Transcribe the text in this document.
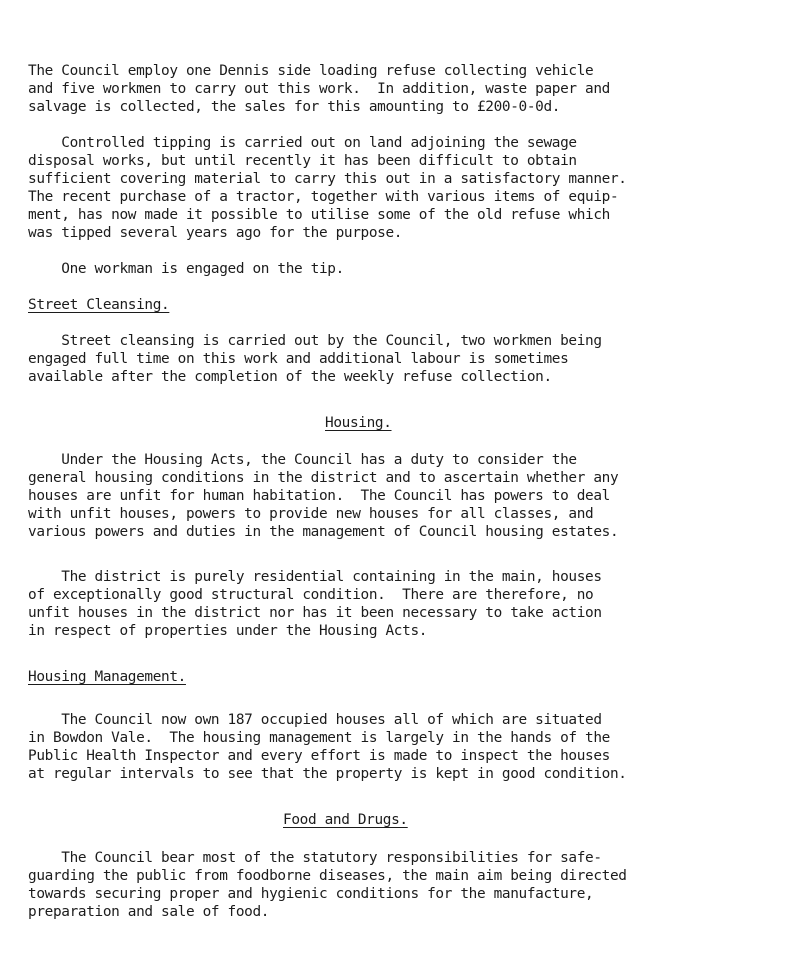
The Council employ one Dennis side loading refuse collecting vehicle
and five workmen to carry out this work.  In addition, waste paper and
salvage is collected, the sales for this amounting to £200-0-0d.
Controlled tipping is carried out on land adjoining the sewage
disposal works, but until recently it has been difficult to obtain
sufficient covering material to carry this out in a satisfactory manner.
The recent purchase of a tractor, together with various items of equip-
ment, has now made it possible to utilise some of the old refuse which
was tipped several years ago for the purpose.
One workman is engaged on the tip.
Street Cleansing.
Street cleansing is carried out by the Council, two workmen being
engaged full time on this work and additional labour is sometimes
available after the completion of the weekly refuse collection.
Housing.
Under the Housing Acts, the Council has a duty to consider the
general housing conditions in the district and to ascertain whether any
houses are unfit for human habitation.  The Council has powers to deal
with unfit houses, powers to provide new houses for all classes, and
various powers and duties in the management of Council housing estates.
The district is purely residential containing in the main, houses
of exceptionally good structural condition.  There are therefore, no
unfit houses in the district nor has it been necessary to take action
in respect of properties under the Housing Acts.
Housing Management.
The Council now own 187 occupied houses all of which are situated
in Bowdon Vale.  The housing management is largely in the hands of the
Public Health Inspector and every effort is made to inspect the houses
at regular intervals to see that the property is kept in good condition.
Food and Drugs.
The Council bear most of the statutory responsibilities for safe-
guarding the public from foodborne diseases, the main aim being directed
towards securing proper and hygienic conditions for the manufacture,
preparation and sale of food.
